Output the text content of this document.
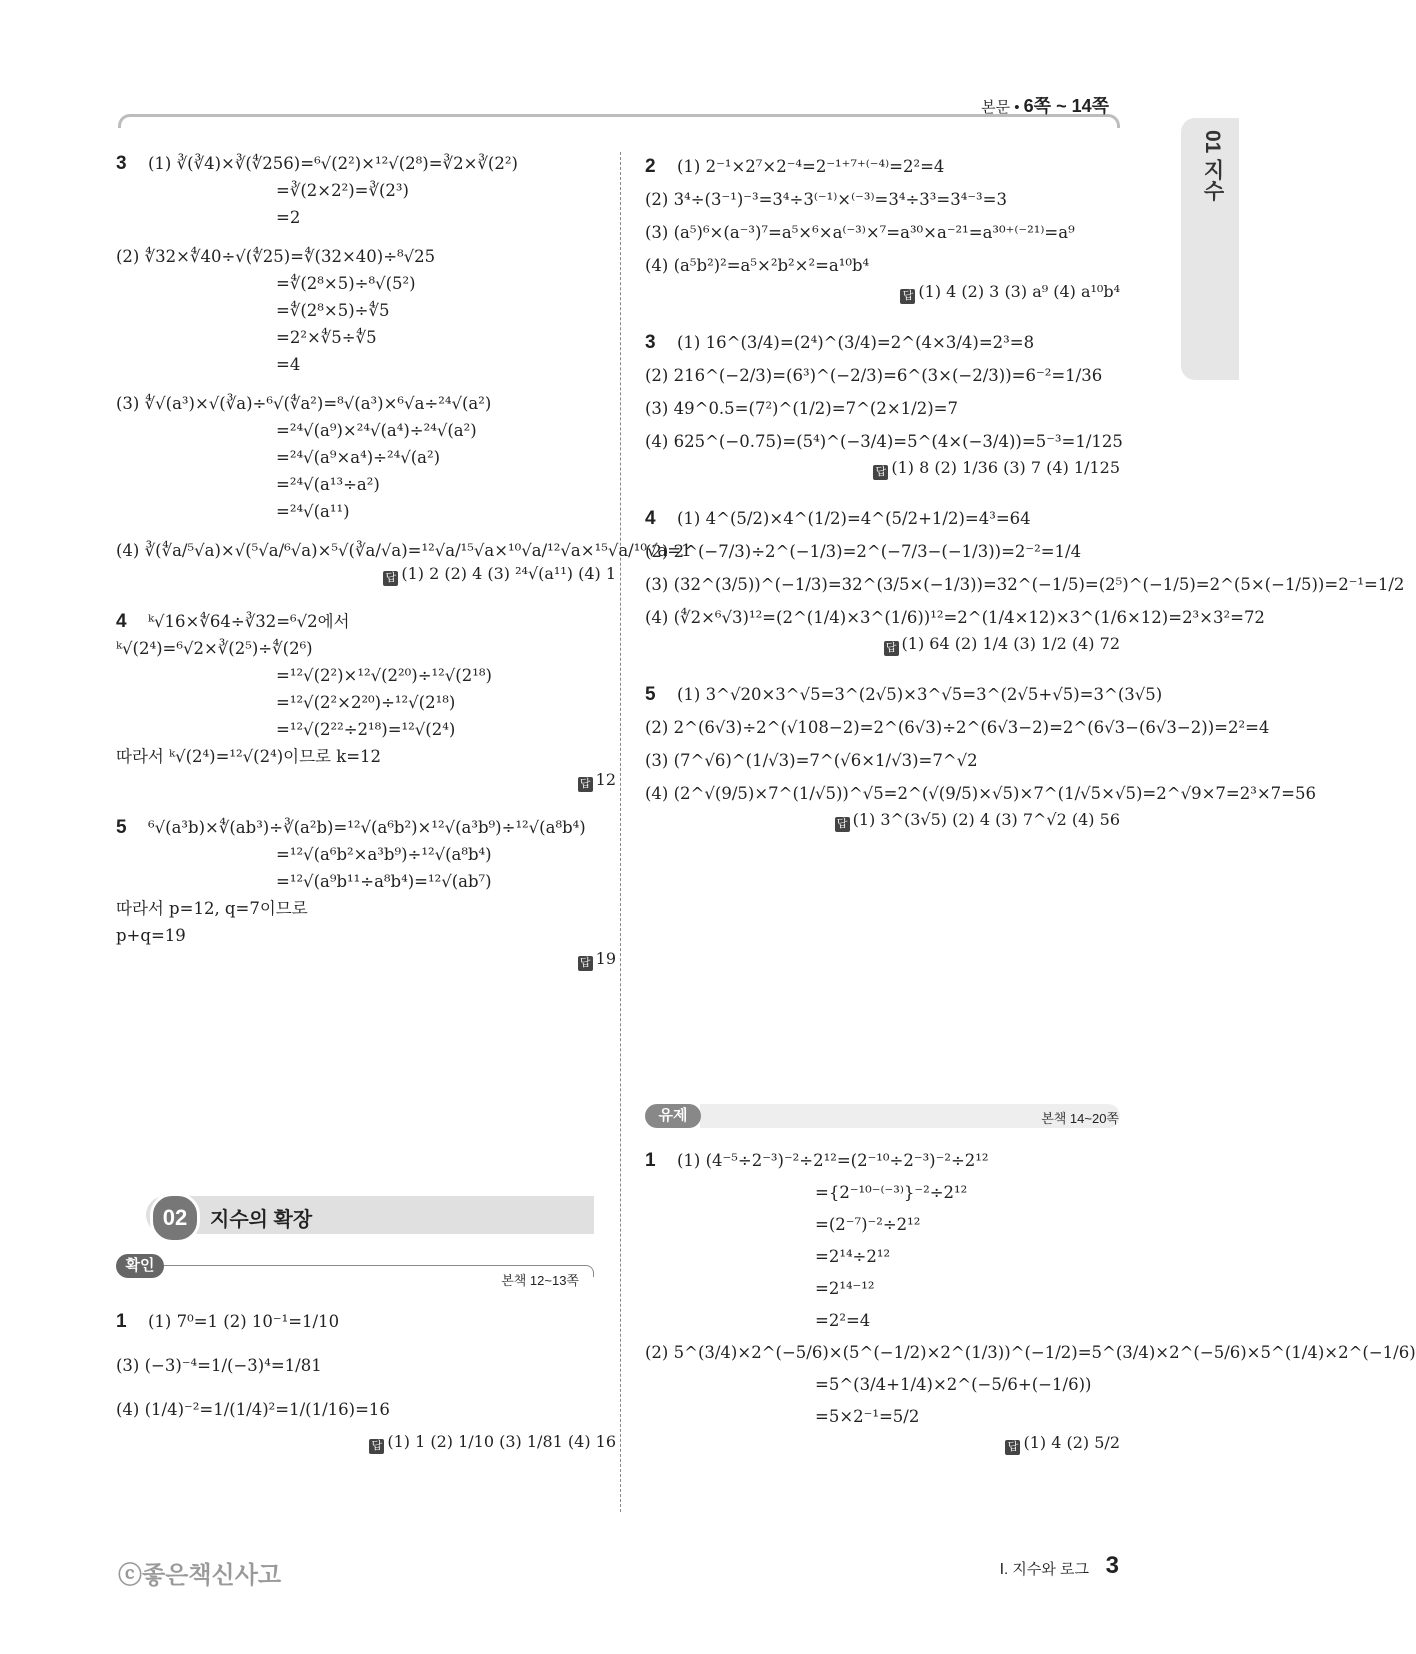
본문 • 6쪽 ~ 14쪽
01 지수
3 (1) ∛(∛4)×∛(∜256)=⁶√(2²)×¹²√(2⁸)=∛2×∛(2²)
=∛(2×2²)=∛(2³)
=2
(2) ∜32×∜40÷√(∜25)=∜(32×40)÷⁸√25
=∜(2⁸×5)÷⁸√(5²)
=∜(2⁸×5)÷∜5
=2²×∜5÷∜5
=4
(3) ∜√(a³)×√(∛a)÷⁶√(∜a²)=⁸√(a³)×⁶√a÷²⁴√(a²)
=²⁴√(a⁹)×²⁴√(a⁴)÷²⁴√(a²)
=²⁴√(a⁹×a⁴)÷²⁴√(a²)
=²⁴√(a¹³÷a²)
=²⁴√(a¹¹)
(4) ∛(∜a/⁵√a)×√(⁵√a/⁶√a)×⁵√(∛a/√a)=¹²√a/¹⁵√a×¹⁰√a/¹²√a×¹⁵√a/¹⁰√a=1
답 (1) 2 (2) 4 (3) ²⁴√(a¹¹) (4) 1
4 ᵏ√16×∜64÷∛32=⁶√2에서
ᵏ√(2⁴)=⁶√2×∛(2⁵)÷∜(2⁶)
=¹²√(2²)×¹²√(2²⁰)÷¹²√(2¹⁸)
=¹²√(2²×2²⁰)÷¹²√(2¹⁸)
=¹²√(2²²÷2¹⁸)=¹²√(2⁴)
따라서 ᵏ√(2⁴)=¹²√(2⁴)이므로 k=12
답 12
5 ⁶√(a³b)×∜(ab³)÷∛(a²b)=¹²√(a⁶b²)×¹²√(a³b⁹)÷¹²√(a⁸b⁴)
=¹²√(a⁶b²×a³b⁹)÷¹²√(a⁸b⁴)
=¹²√(a⁹b¹¹÷a⁸b⁴)=¹²√(ab⁷)
따라서 p=12, q=7이므로
p+q=19
답 19
02	지수의 확장
확인
본책 12~13쪽
1 (1) 7⁰=1 (2) 10⁻¹=1/10
(3) (−3)⁻⁴=1/(−3)⁴=1/81
(4) (1/4)⁻²=1/(1/4)²=1/(1/16)=16
답 (1) 1 (2) 1/10 (3) 1/81 (4) 16
2 (1) 2⁻¹×2⁷×2⁻⁴=2⁻¹⁺⁷⁺⁽⁻⁴⁾=2²=4
(2) 3⁴÷(3⁻¹)⁻³=3⁴÷3⁽⁻¹⁾×⁽⁻³⁾=3⁴÷3³=3⁴⁻³=3
(3) (a⁵)⁶×(a⁻³)⁷=a⁵×⁶×a⁽⁻³⁾×⁷=a³⁰×a⁻²¹=a³⁰⁺⁽⁻²¹⁾=a⁹
(4) (a⁵b²)²=a⁵×²b²×²=a¹⁰b⁴
답 (1) 4 (2) 3 (3) a⁹ (4) a¹⁰b⁴
3 (1) 16^(3/4)=(2⁴)^(3/4)=2^(4×3/4)=2³=8
(2) 216^(−2/3)=(6³)^(−2/3)=6^(3×(−2/3))=6⁻²=1/36
(3) 49^0.5=(7²)^(1/2)=7^(2×1/2)=7
(4) 625^(−0.75)=(5⁴)^(−3/4)=5^(4×(−3/4))=5⁻³=1/125
답 (1) 8 (2) 1/36 (3) 7 (4) 1/125
4 (1) 4^(5/2)×4^(1/2)=4^(5/2+1/2)=4³=64
(2) 2^(−7/3)÷2^(−1/3)=2^(−7/3−(−1/3))=2⁻²=1/4
(3) (32^(3/5))^(−1/3)=32^(3/5×(−1/3))=32^(−1/5)=(2⁵)^(−1/5)=2^(5×(−1/5))=2⁻¹=1/2
(4) (∜2×⁶√3)¹²=(2^(1/4)×3^(1/6))¹²=2^(1/4×12)×3^(1/6×12)=2³×3²=72
답 (1) 64 (2) 1/4 (3) 1/2 (4) 72
5 (1) 3^√20×3^√5=3^(2√5)×3^√5=3^(2√5+√5)=3^(3√5)
(2) 2^(6√3)÷2^(√108−2)=2^(6√3)÷2^(6√3−2)=2^(6√3−(6√3−2))=2²=4
(3) (7^√6)^(1/√3)=7^(√6×1/√3)=7^√2
(4) (2^√(9/5)×7^(1/√5))^√5=2^(√(9/5)×√5)×7^(1/√5×√5)=2^√9×7=2³×7=56
답 (1) 3^(3√5) (2) 4 (3) 7^√2 (4) 56
유제	본책 14~20쪽
1 (1) (4⁻⁵÷2⁻³)⁻²÷2¹²=(2⁻¹⁰÷2⁻³)⁻²÷2¹²
={2⁻¹⁰⁻⁽⁻³⁾}⁻²÷2¹²
=(2⁻⁷)⁻²÷2¹²
=2¹⁴÷2¹²
=2¹⁴⁻¹²
=2²=4
(2) 5^(3/4)×2^(−5/6)×(5^(−1/2)×2^(1/3))^(−1/2)=5^(3/4)×2^(−5/6)×5^(1/4)×2^(−1/6)
=5^(3/4+1/4)×2^(−5/6+(−1/6))
=5×2⁻¹=5/2
답 (1) 4 (2) 5/2
ⓒ좋은책신사고	Ⅰ. 지수와 로그 3
